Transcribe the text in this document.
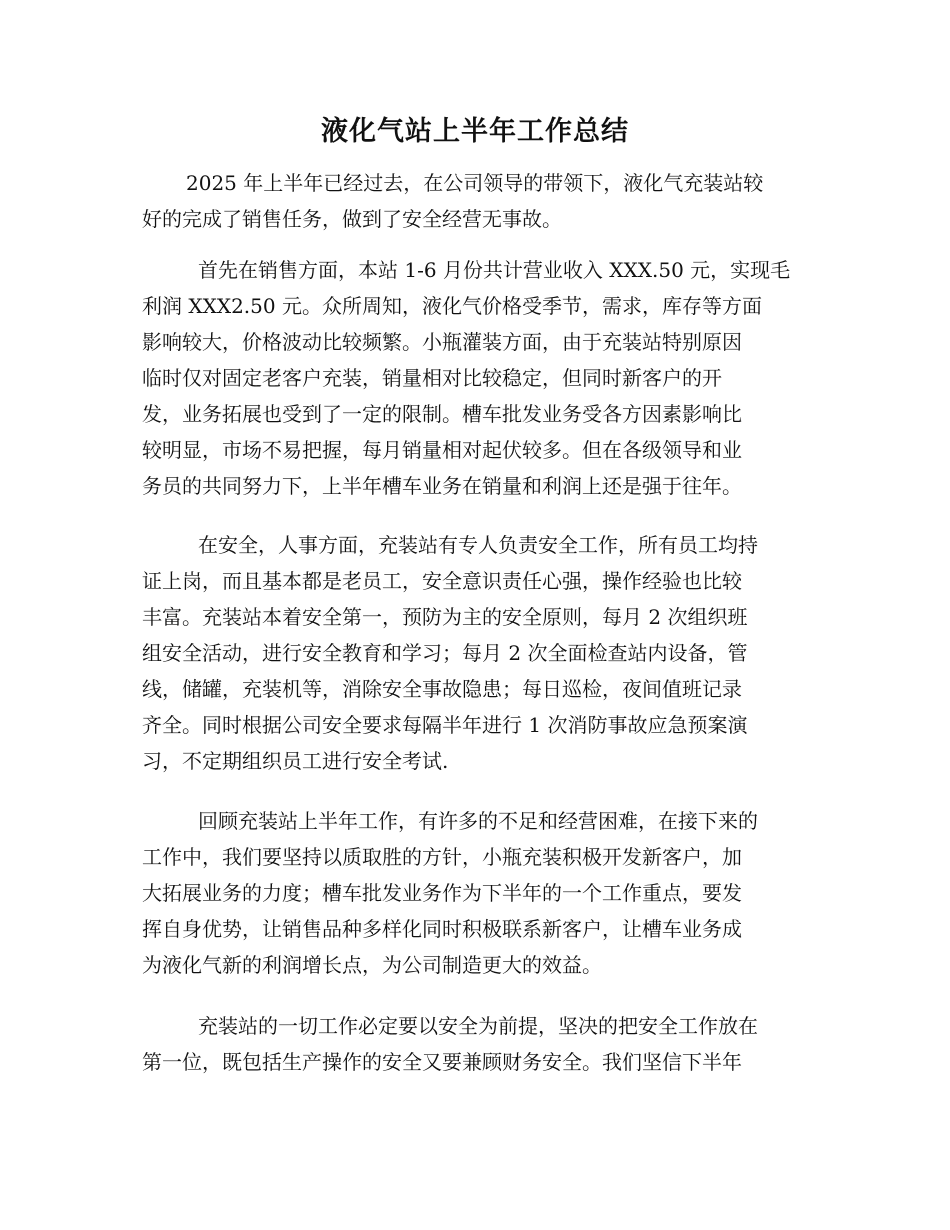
液化气站上半年工作总结
2025 年上半年已经过去，在公司领导的带领下，液化气充装站较
好的完成了销售任务，做到了安全经营无事故。
首先在销售方面，本站 1-6 月份共计营业收入 XXX.50 元，实现毛
利润 XXX2.50 元。众所周知，液化气价格受季节，需求，库存等方面
影响较大，价格波动比较频繁。小瓶灌装方面，由于充装站特别原因
临时仅对固定老客户充装，销量相对比较稳定，但同时新客户的开
发，业务拓展也受到了一定的限制。槽车批发业务受各方因素影响比
较明显，市场不易把握，每月销量相对起伏较多。但在各级领导和业
务员的共同努力下，上半年槽车业务在销量和利润上还是强于往年。
在安全，人事方面，充装站有专人负责安全工作，所有员工均持
证上岗，而且基本都是老员工，安全意识责任心强，操作经验也比较
丰富。充装站本着安全第一，预防为主的安全原则，每月 2 次组织班
组安全活动，进行安全教育和学习；每月 2 次全面检查站内设备，管
线，储罐，充装机等，消除安全事故隐患；每日巡检，夜间值班记录
齐全。同时根据公司安全要求每隔半年进行 1 次消防事故应急预案演
习，不定期组织员工进行安全考试.
回顾充装站上半年工作，有许多的不足和经营困难，在接下来的
工作中，我们要坚持以质取胜的方针，小瓶充装积极开发新客户，加
大拓展业务的力度；槽车批发业务作为下半年的一个工作重点，要发
挥自身优势，让销售品种多样化同时积极联系新客户，让槽车业务成
为液化气新的利润增长点，为公司制造更大的效益。
充装站的一切工作必定要以安全为前提，坚决的把安全工作放在
第一位，既包括生产操作的安全又要兼顾财务安全。我们坚信下半年
